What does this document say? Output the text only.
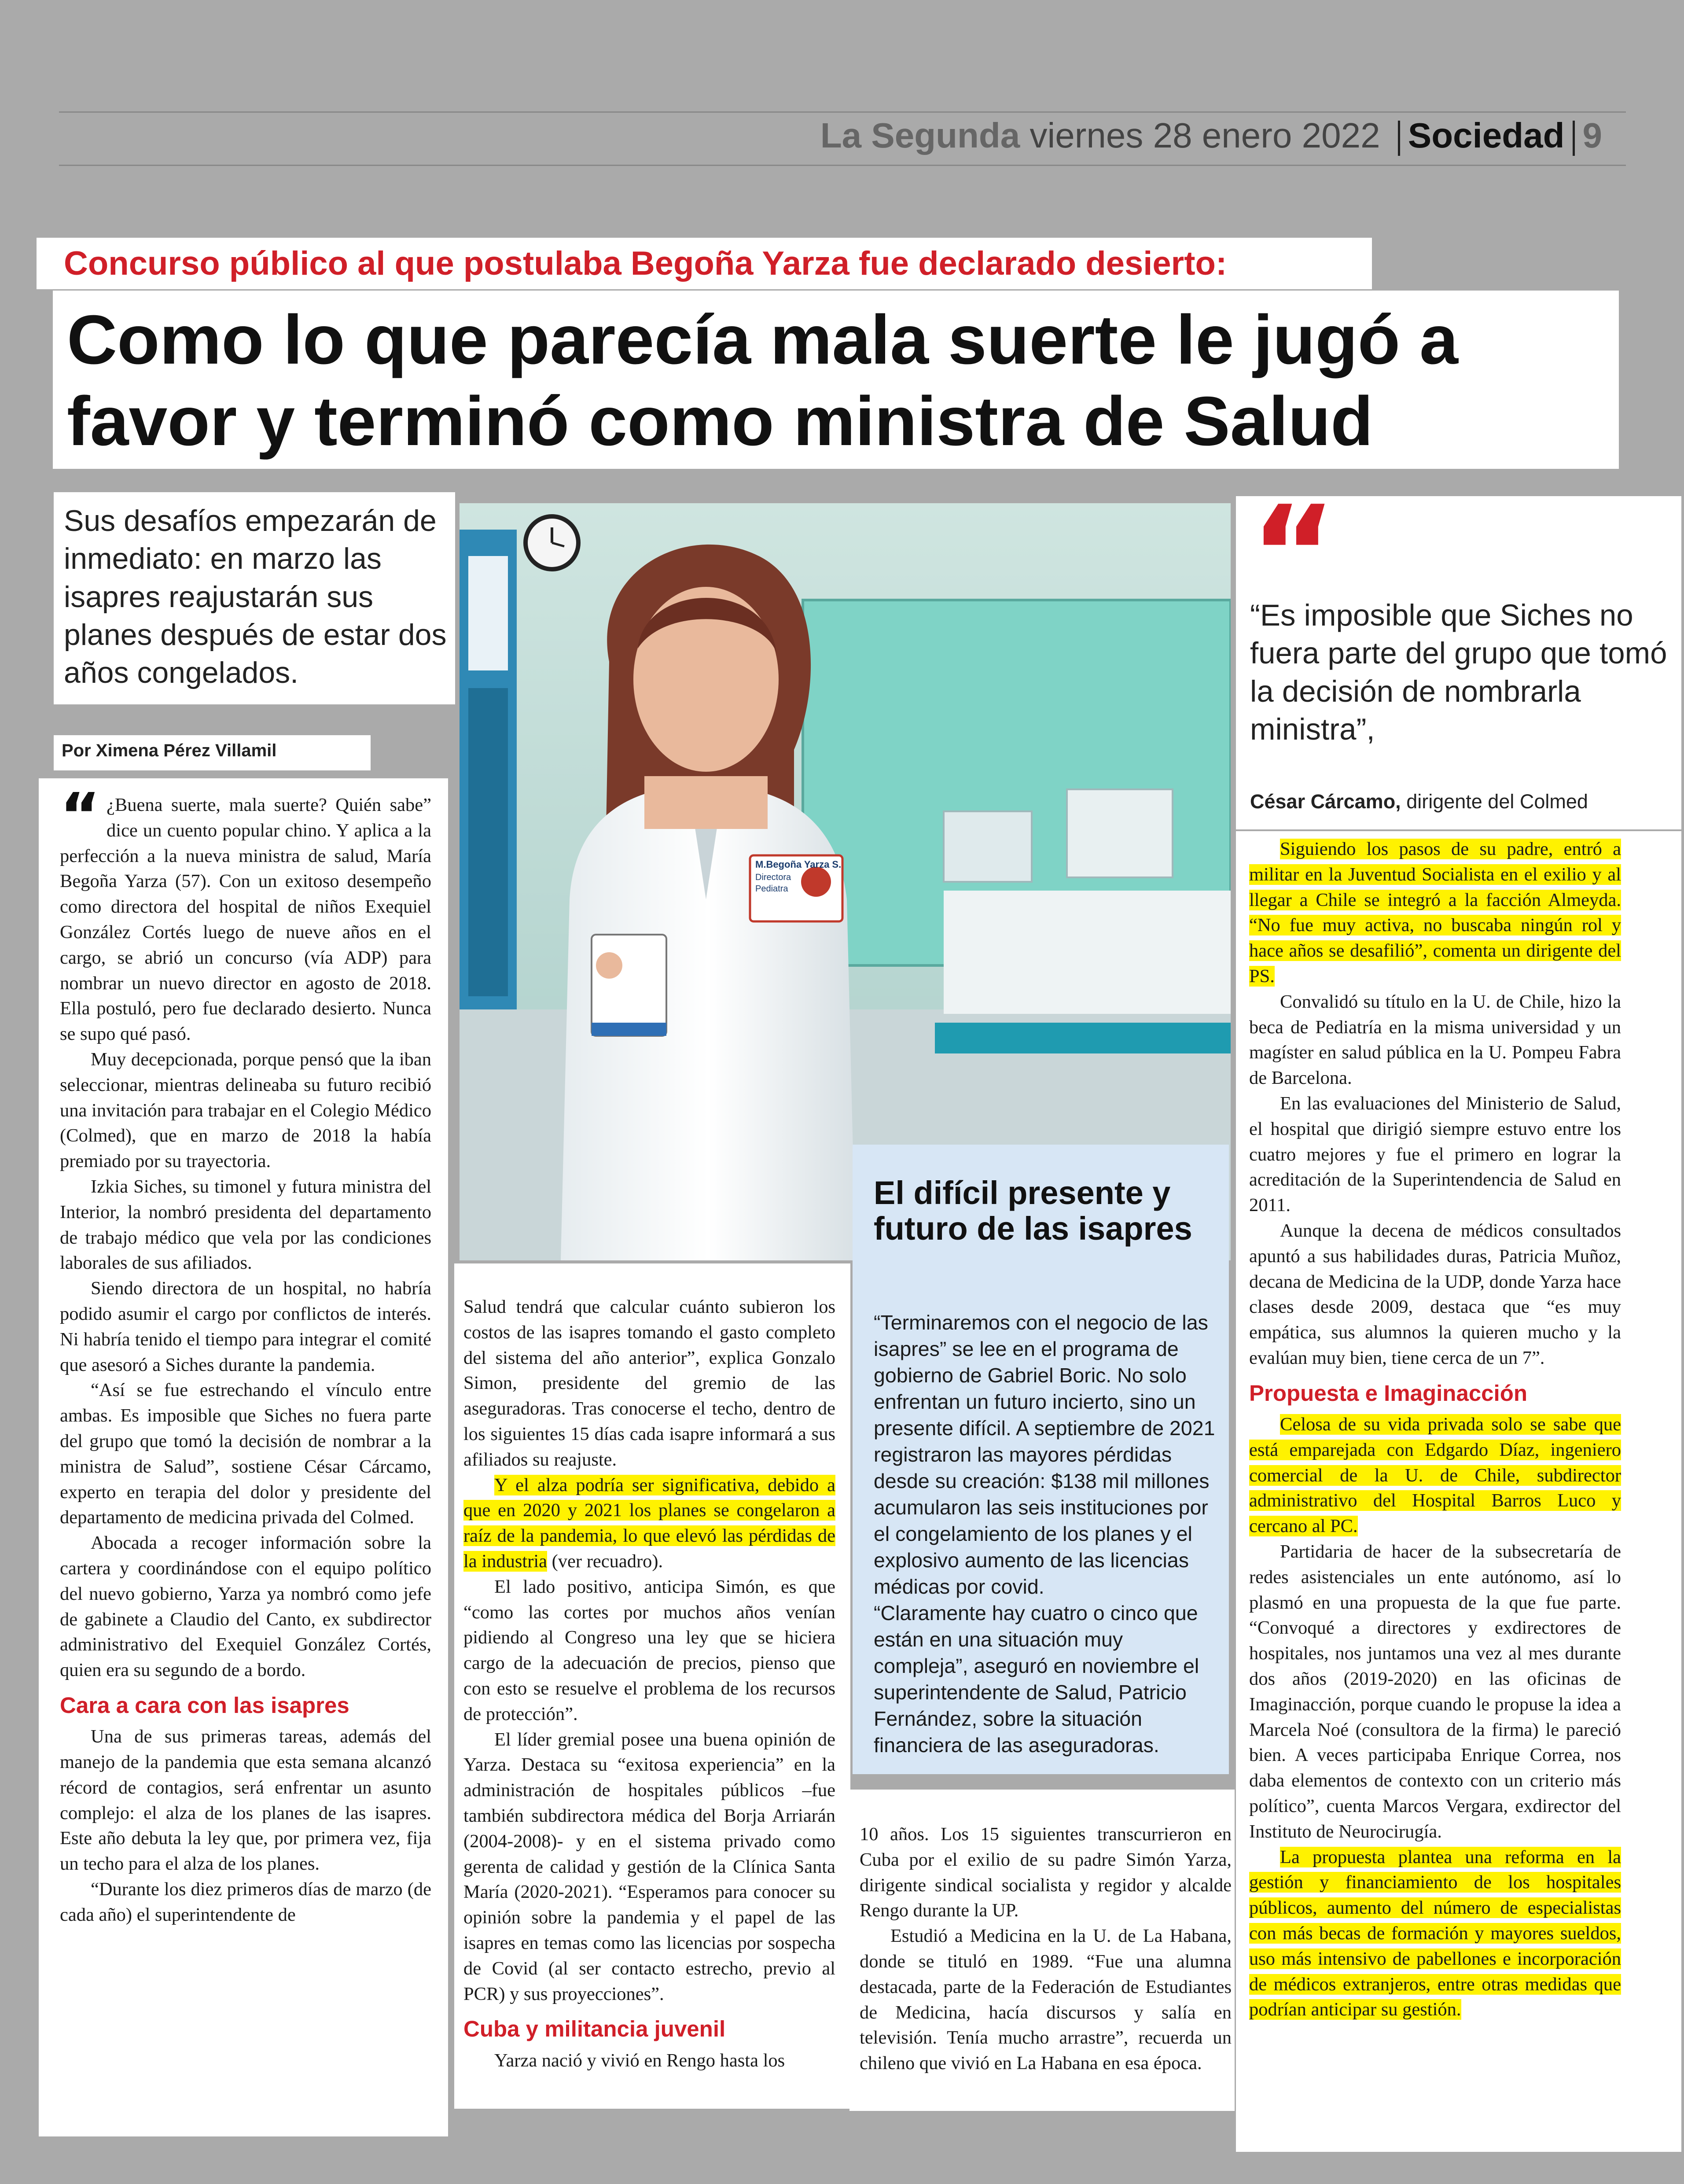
La Segunda viernes 28 enero 2022 Sociedad 9
Concurso público al que postulaba Begoña Yarza fue declarado desierto:
Como lo que parecía mala suerte le jugó a favor y terminó como ministra de Salud
Sus desafíos empezarán de inmediato: en marzo las isapres reajustarán sus planes después de estar dos años congelados.
Por Ximena Pérez Villamil
“ ¿Buena suerte, mala suerte? Quién sabe” dice un cuento popular chino. Y aplica a la perfección a la nueva ministra de salud, María Begoña Yarza (57). Con un exitoso desempeño como directora del hospital de niños Exequiel González Cortés luego de nueve años en el cargo, se abrió un concurso (vía ADP) para nombrar un nuevo director en agosto de 2018. Ella postuló, pero fue declarado desierto. Nunca se supo qué pasó.

Muy decepcionada, porque pensó que la iban seleccionar, mientras delineaba su futuro recibió una invitación para trabajar en el Colegio Médico (Colmed), que en marzo de 2018 la había premiado por su trayectoria.

Izkia Siches, su timonel y futura ministra del Interior, la nombró presidenta del departamento de trabajo médico que vela por las condiciones laborales de sus afiliados.

Siendo directora de un hospital, no habría podido asumir el cargo por conflictos de interés. Ni habría tenido el tiempo para integrar el comité que asesoró a Siches durante la pandemia.

“Así se fue estrechando el vínculo entre ambas. Es imposible que Siches no fuera parte del grupo que tomó la decisión de nombrar a la ministra de Salud”, sostiene César Cárcamo, experto en terapia del dolor y presidente del departamento de medicina privada del Colmed.

Abocada a recoger información sobre la cartera y coordinándose con el equipo político del nuevo gobierno, Yarza ya nombró como jefe de gabinete a Claudio del Canto, ex subdirector administrativo del Exequiel González Cortés, quien era su segundo de a bordo.

Cara a cara con las isapres

Una de sus primeras tareas, además del manejo de la pandemia que esta semana alcanzó récord de contagios, será enfrentar un asunto complejo: el alza de los planes de las isapres. Este año debuta la ley que, por primera vez, fija un techo para el alza de los planes.

“Durante los diez primeros días de marzo (de cada año) el superintendente de

M.Begoña Yarza S.
Directora
Pediatra

Salud tendrá que calcular cuánto subieron los costos de las isapres tomando el gasto completo del sistema del año anterior”, explica Gonzalo Simon, presidente del gremio de las aseguradoras. Tras conocerse el techo, dentro de los siguientes 15 días cada isapre informará a sus afiliados su reajuste.

Y el alza podría ser significativa, debido a que en 2020 y 2021 los planes se congelaron a raíz de la pandemia, lo que elevó las pérdidas de la industria (ver recuadro).

El lado positivo, anticipa Simón, es que “como las cortes por muchos años venían pidiendo al Congreso una ley que se hiciera cargo de la adecuación de precios, pienso que con esto se resuelve el problema de los recursos de protección”.

El líder gremial posee una buena opinión de Yarza. Destaca su “exitosa experiencia” en la administración de hospitales públicos –fue también subdirectora médica del Borja Arriarán (2004-2008)- y en el sistema privado como gerenta de calidad y gestión de la Clínica Santa María (2020-2021). “Esperamos para conocer su opinión sobre la pandemia y el papel de las isapres en temas como las licencias por sospecha de Covid (al ser contacto estrecho, previo al PCR) y sus proyecciones”.

Cuba y militancia juvenil

Yarza nació y vivió en Rengo hasta los

El difícil presente y futuro de las isapres

“Terminaremos con el negocio de las isapres” se lee en el programa de gobierno de Gabriel Boric. No solo enfrentan un futuro incierto, sino un presente difícil. A septiembre de 2021 registraron las mayores pérdidas desde su creación: $138 mil millones acumularon las seis instituciones por el congelamiento de los planes y el explosivo aumento de las licencias médicas por covid.

“Claramente hay cuatro o cinco que están en una situación muy compleja”, aseguró en noviembre el superintendente de Salud, Patricio Fernández, sobre la situación financiera de las aseguradoras.

10 años. Los 15 siguientes transcurrieron en Cuba por el exilio de su padre Simón Yarza, dirigente sindical socialista y regidor y alcalde Rengo durante la UP.

Estudió a Medicina en la U. de La Habana, donde se tituló en 1989. “Fue una alumna destacada, parte de la Federación de Estudiantes de Medicina, hacía discursos y salía en televisión. Tenía mucho arrastre”, recuerda un chileno que vivió en La Habana en esa época.

“
“Es imposible que Siches no fuera parte del grupo que tomó la decisión de nombrarla ministra”,
César Cárcamo, dirigente del Colmed

Siguiendo los pasos de su padre, entró a militar en la Juventud Socialista en el exilio y al llegar a Chile se integró a la facción Almeyda. “No fue muy activa, no buscaba ningún rol y hace años se desafilió”, comenta un dirigente del PS.

Convalidó su título en la U. de Chile, hizo la beca de Pediatría en la misma universidad y un magíster en salud pública en la U. Pompeu Fabra de Barcelona.

En las evaluaciones del Ministerio de Salud, el hospital que dirigió siempre estuvo entre los cuatro mejores y fue el primero en lograr la acreditación de la Superintendencia de Salud en 2011.

Aunque la decena de médicos consultados apuntó a sus habilidades duras, Patricia Muñoz, decana de Medicina de la UDP, donde Yarza hace clases desde 2009, destaca que “es muy empática, sus alumnos la quieren mucho y la evalúan muy bien, tiene cerca de un 7”.

Propuesta e Imaginacción

Celosa de su vida privada solo se sabe que está emparejada con Edgardo Díaz, ingeniero comercial de la U. de Chile, subdirector administrativo del Hospital Barros Luco y cercano al PC.

Partidaria de hacer de la subsecretaría de redes asistenciales un ente autónomo, así lo plasmó en una propuesta de la que fue parte. “Convoqué a directores y exdirectores de hospitales, nos juntamos una vez al mes durante dos años (2019-2020) en las oficinas de Imaginacción, porque cuando le propuse la idea a Marcela Noé (consultora de la firma) le pareció bien. A veces participaba Enrique Correa, nos daba elementos de contexto con un criterio más político”, cuenta Marcos Vergara, exdirector del Instituto de Neurocirugía.

La propuesta plantea una reforma en la gestión y financiamiento de los hospitales públicos, aumento del número de especialistas con más becas de formación y mayores sueldos, uso más intensivo de pabellones e incorporación de médicos extranjeros, entre otras medidas que podrían anticipar su gestión.
